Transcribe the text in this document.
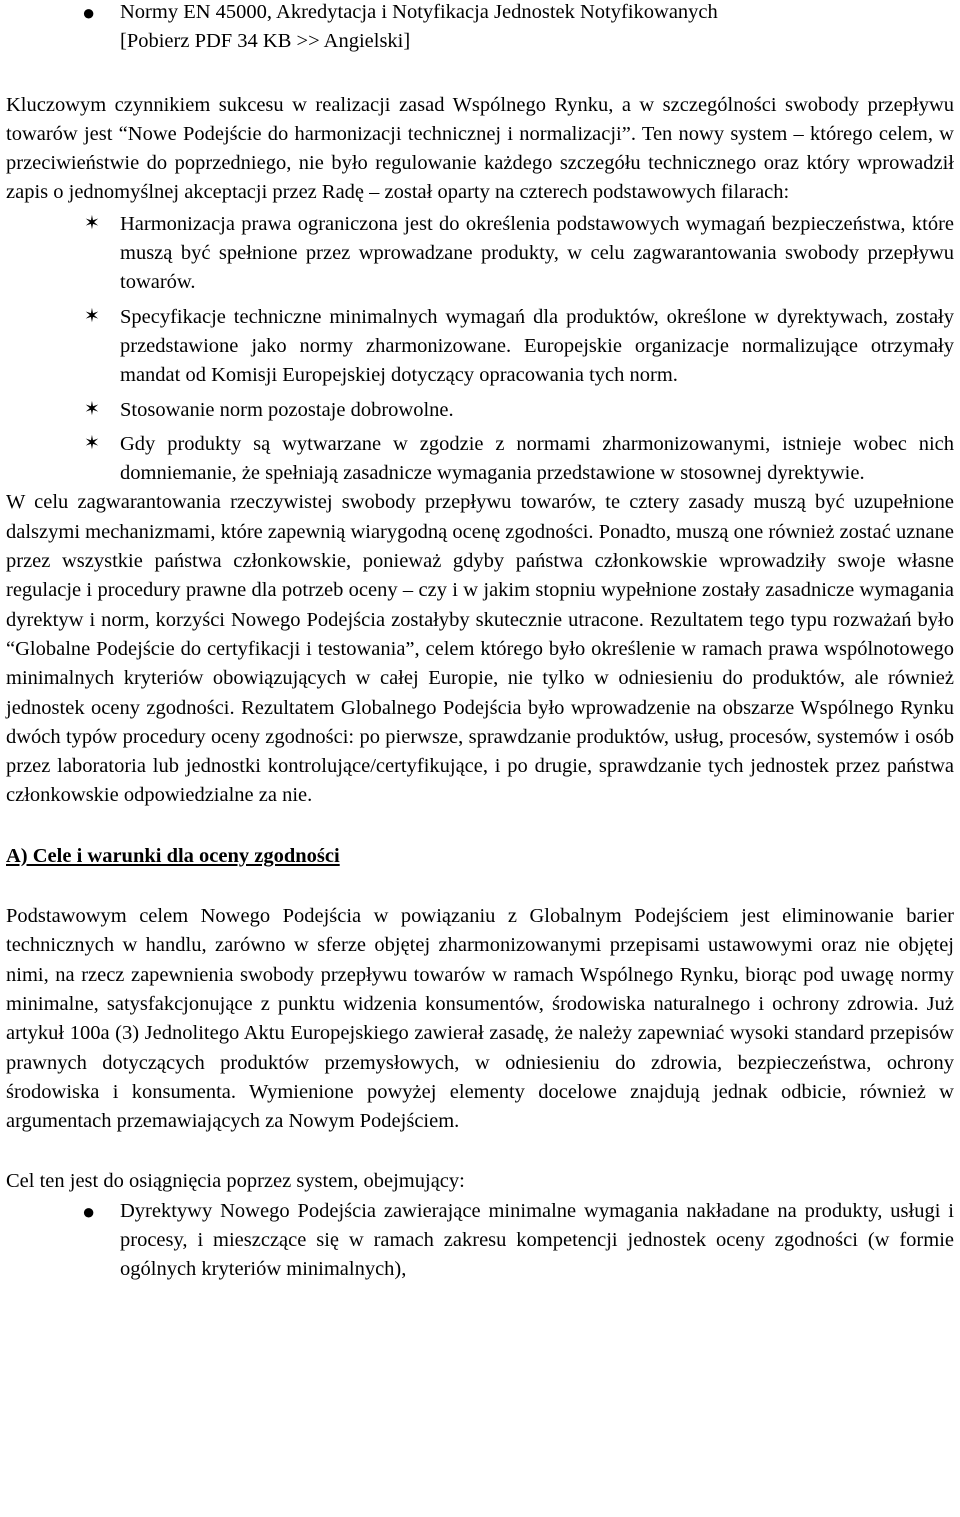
● Normy EN 45000, Akredytacja i Notyfikacja Jednostek Notyfikowanych
[Pobierz PDF 34 KB >> Angielski]

Kluczowym czynnikiem sukcesu w realizacji zasad Wspólnego Rynku, a w szczególności swobody przepływu towarów jest “Nowe Podejście do harmonizacji technicznej i normalizacji”. Ten nowy system – którego celem, w przeciwieństwie do poprzedniego, nie było regulowanie każdego szczegółu technicznego oraz który wprowadził zapis o jednomyślnej akceptacji przez Radę – został oparty na czterech podstawowych filarach:

✶ Harmonizacja prawa ograniczona jest do określenia podstawowych wymagań bezpieczeństwa, które muszą być spełnione przez wprowadzane produkty, w celu zagwarantowania swobody przepływu towarów.
✶ Specyfikacje techniczne minimalnych wymagań dla produktów, określone w dyrektywach, zostały przedstawione jako normy zharmonizowane. Europejskie organizacje normalizujące otrzymały mandat od Komisji Europejskiej dotyczący opracowania tych norm.
✶ Stosowanie norm pozostaje dobrowolne.
✶ Gdy produkty są wytwarzane w zgodzie z normami zharmonizowanymi, istnieje wobec nich domniemanie, że spełniają zasadnicze wymagania przedstawione w stosownej dyrektywie.

W celu zagwarantowania rzeczywistej swobody przepływu towarów, te cztery zasady muszą być uzupełnione dalszymi mechanizmami, które zapewnią wiarygodną ocenę zgodności. Ponadto, muszą one również zostać uznane przez wszystkie państwa członkowskie, ponieważ gdyby państwa członkowskie wprowadziły swoje własne regulacje i procedury prawne dla potrzeb oceny – czy i w jakim stopniu wypełnione zostały zasadnicze wymagania dyrektyw i norm, korzyści Nowego Podejścia zostałyby skutecznie utracone. Rezultatem tego typu rozważań było “Globalne Podejście do certyfikacji i testowania”, celem którego było określenie w ramach prawa wspólnotowego minimalnych kryteriów obowiązujących w całej Europie, nie tylko w odniesieniu do produktów, ale również jednostek oceny zgodności. Rezultatem Globalnego Podejścia było wprowadzenie na obszarze Wspólnego Rynku dwóch typów procedury oceny zgodności: po pierwsze, sprawdzanie produktów, usług, procesów, systemów i osób przez laboratoria lub jednostki kontrolujące/certyfikujące, i po drugie, sprawdzanie tych jednostek przez państwa członkowskie odpowiedzialne za nie.

A) Cele i warunki dla oceny zgodności

Podstawowym celem Nowego Podejścia w powiązaniu z Globalnym Podejściem jest eliminowanie barier technicznych w handlu, zarówno w sferze objętej zharmonizowanymi przepisami ustawowymi oraz nie objętej nimi, na rzecz zapewnienia swobody przepływu towarów w ramach Wspólnego Rynku, biorąc pod uwagę normy minimalne, satysfakcjonujące z punktu widzenia konsumentów, środowiska naturalnego i ochrony zdrowia. Już artykuł 100a (3) Jednolitego Aktu Europejskiego zawierał zasadę, że należy zapewniać wysoki standard przepisów prawnych dotyczących produktów przemysłowych, w odniesieniu do zdrowia, bezpieczeństwa, ochrony środowiska i konsumenta. Wymienione powyżej elementy docelowe znajdują jednak odbicie, również w argumentach przemawiających za Nowym Podejściem.

Cel ten jest do osiągnięcia poprzez system, obejmujący:

● Dyrektywy Nowego Podejścia zawierające minimalne wymagania nakładane na produkty, usługi i procesy, i mieszczące się w ramach zakresu kompetencji jednostek oceny zgodności (w formie ogólnych kryteriów minimalnych),
